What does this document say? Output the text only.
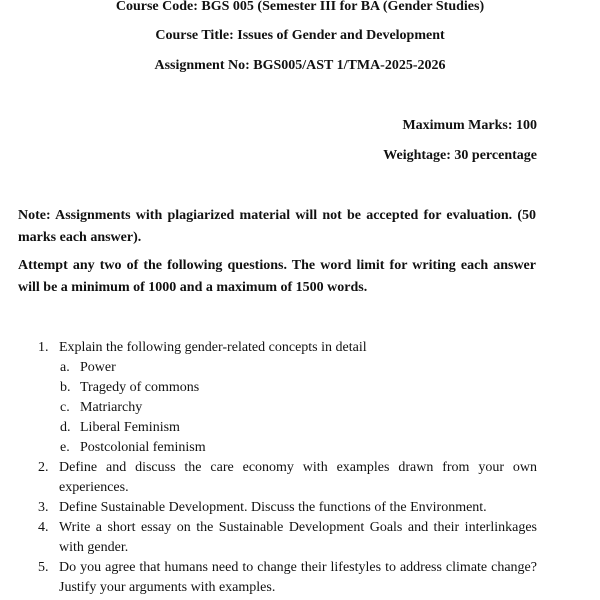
Course Code: BGS 005 (Semester III for BA (Gender Studies)
Course Title: Issues of Gender and Development
Assignment No: BGS005/AST 1/TMA-2025-2026
Maximum Marks: 100
Weightage: 30 percentage
Note: Assignments with plagiarized material will not be accepted for evaluation. (50 marks each answer).
Attempt any two of the following questions. The word limit for writing each answer will be a minimum of 1000 and a maximum of 1500 words.
1. Explain the following gender-related concepts in detail
a. Power
b. Tragedy of commons
c. Matriarchy
d. Liberal Feminism
e. Postcolonial feminism
2. Define and discuss the care economy with examples drawn from your own experiences.
3. Define Sustainable Development. Discuss the functions of the Environment.
4. Write a short essay on the Sustainable Development Goals and their interlinkages with gender.
5. Do you agree that humans need to change their lifestyles to address climate change? Justify your arguments with examples.
